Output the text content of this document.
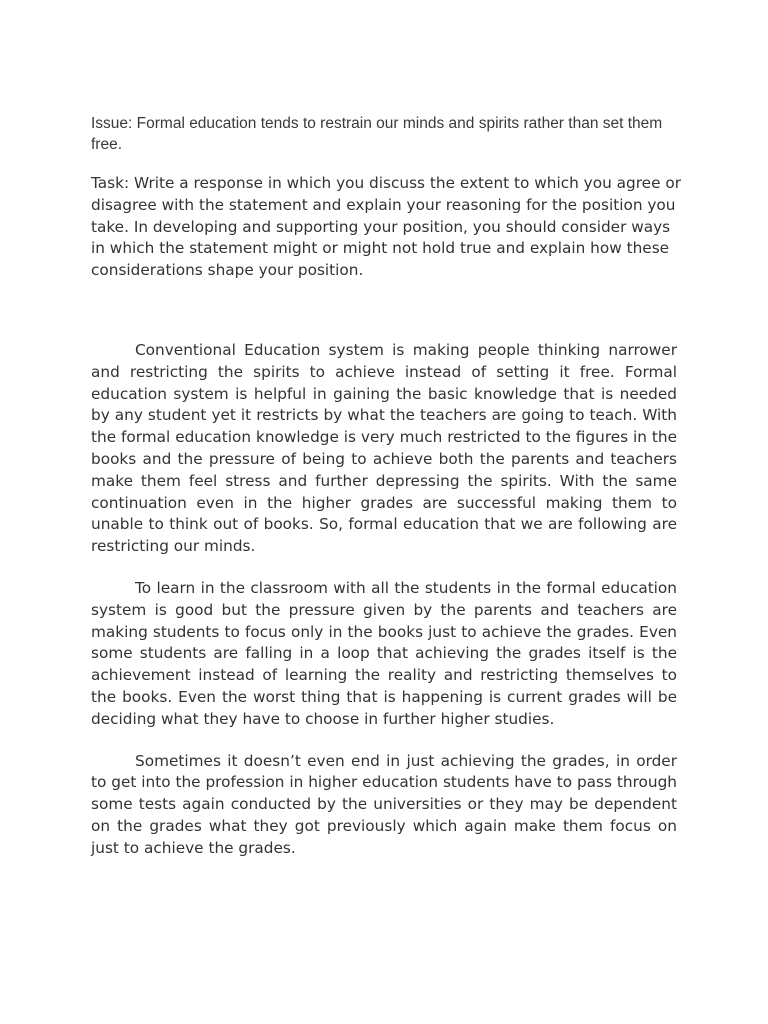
Issue: Formal education tends to restrain our minds and spirits rather than set them free.

Task: Write a response in which you discuss the extent to which you agree or disagree with the statement and explain your reasoning for the position you take. In developing and supporting your position, you should consider ways in which the statement might or might not hold true and explain how these considerations shape your position.

Conventional Education system is making people thinking narrower and restricting the spirits to achieve instead of setting it free. Formal education system is helpful in gaining the basic knowledge that is needed by any student yet it restricts by what the teachers are going to teach. With the formal education knowledge is very much restricted to the figures in the books and the pressure of being to achieve both the parents and teachers make them feel stress and further depressing the spirits. With the same continuation even in the higher grades are successful making them to unable to think out of books. So, formal education that we are following are restricting our minds.

To learn in the classroom with all the students in the formal education system is good but the pressure given by the parents and teachers are making students to focus only in the books just to achieve the grades. Even some students are falling in a loop that achieving the grades itself is the achievement instead of learning the reality and restricting themselves to the books. Even the worst thing that is happening is current grades will be deciding what they have to choose in further higher studies.

Sometimes it doesn’t even end in just achieving the grades, in order to get into the profession in higher education students have to pass through some tests again conducted by the universities or they may be dependent on the grades what they got previously which again make them focus on just to achieve the grades.
